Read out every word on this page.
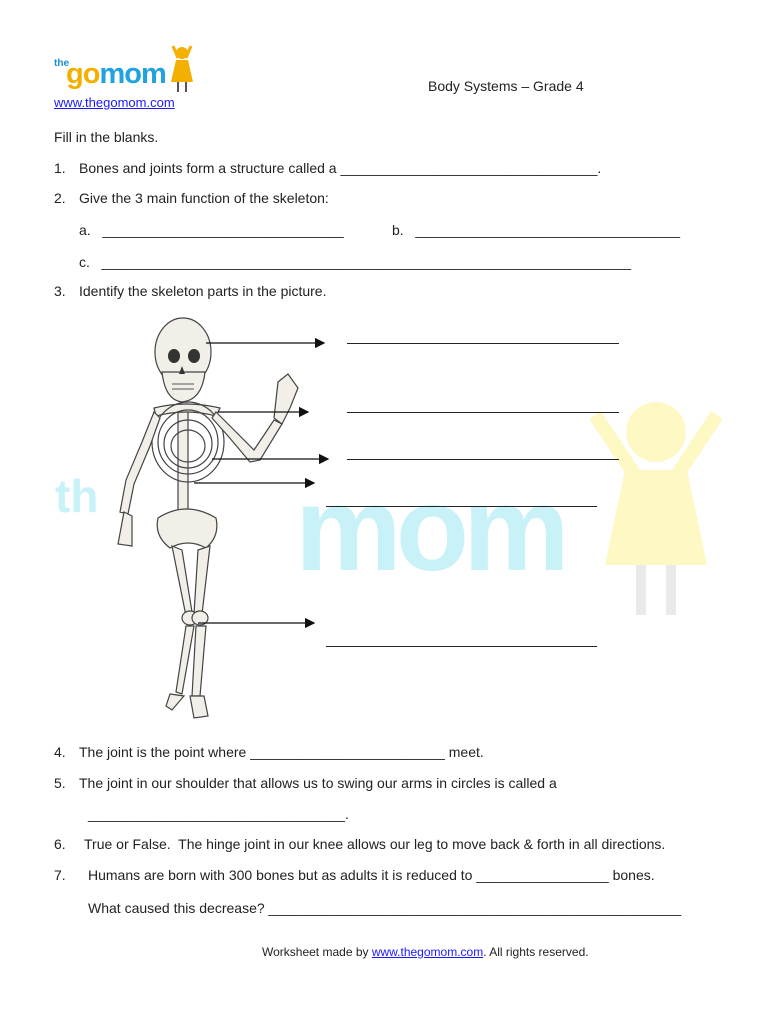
the
gomom
www.thegomom.com
Body Systems – Grade 4
th mom
Fill in the blanks.
1. Bones and joints form a structure called a _________________________________.
2. Give the 3 main function of the skeleton:
a.   _______________________________	b.   __________________________________
c.   ____________________________________________________________________
3. Identify the skeleton parts in the picture.
4. The joint is the point where _________________________ meet.
5. The joint in our shoulder that allows us to swing our arms in circles is called a
_________________________________.
6. True or False.  The hinge joint in our knee allows our leg to move back & forth in all directions.
7. Humans are born with 300 bones but as adults it is reduced to _________________ bones.
What caused this decrease? _____________________________________________________
Worksheet made by www.thegomom.com. All rights reserved.
